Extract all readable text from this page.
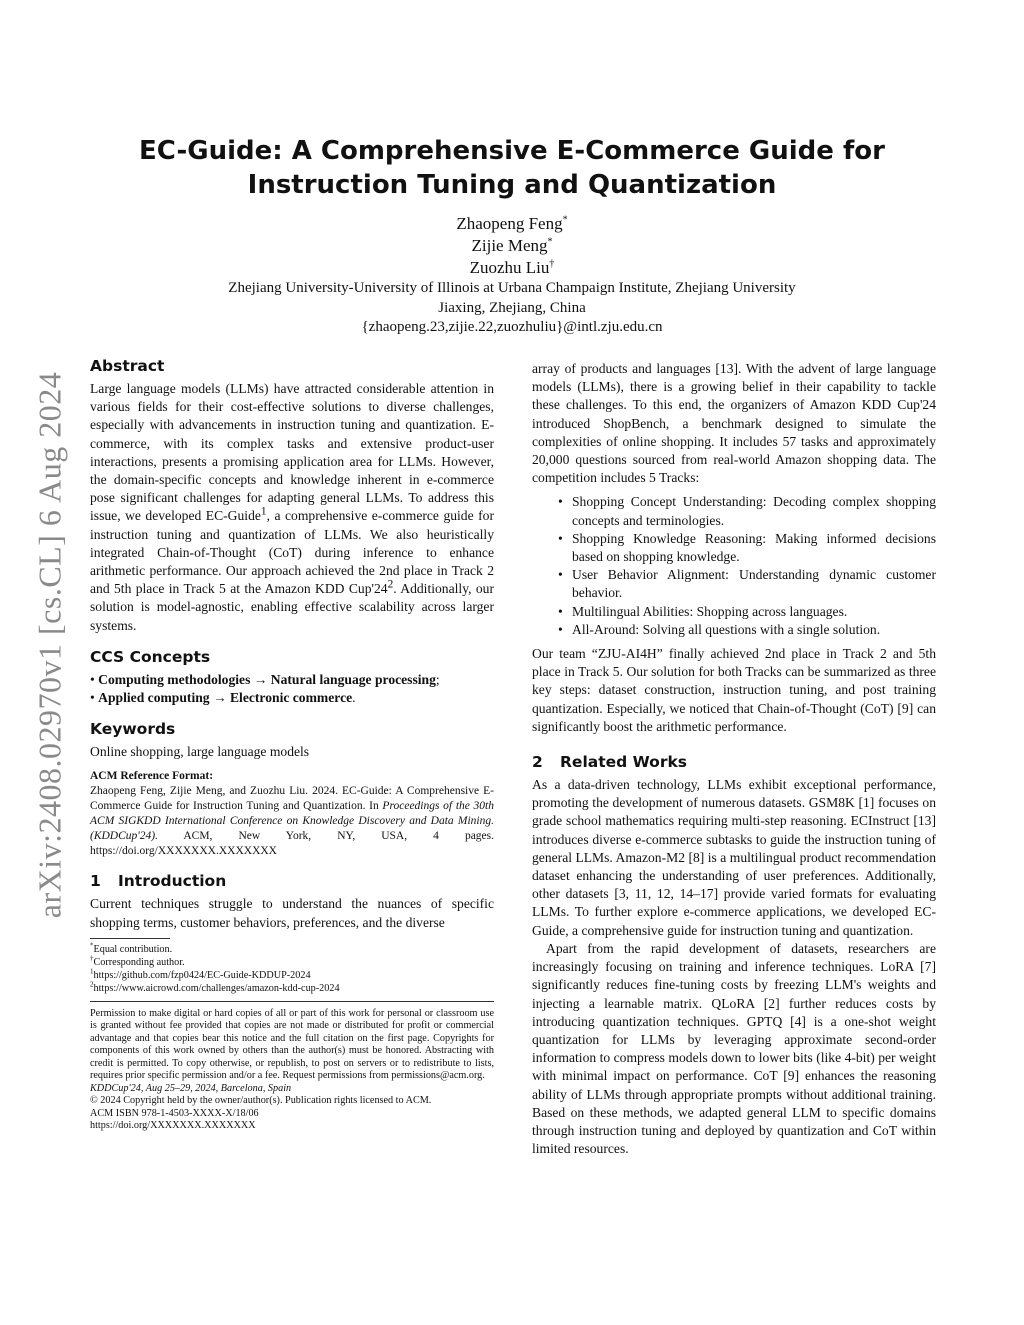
arXiv:2408.02970v1 [cs.CL] 6 Aug 2024
EC-Guide: A Comprehensive E-Commerce Guide for Instruction Tuning and Quantization
Zhaopeng Feng*
Zijie Meng*
Zuozhu Liu†
Zhejiang University-University of Illinois at Urbana Champaign Institute, Zhejiang University
Jiaxing, Zhejiang, China
{zhaopeng.23,zijie.22,zuozhuliu}@intl.zju.edu.cn
Abstract

Large language models (LLMs) have attracted considerable attention in various fields for their cost-effective solutions to diverse challenges, especially with advancements in instruction tuning and quantization. E-commerce, with its complex tasks and extensive product-user interactions, presents a promising application area for LLMs. However, the domain-specific concepts and knowledge inherent in e-commerce pose significant challenges for adapting general LLMs. To address this issue, we developed EC-Guide$^1$, a comprehensive e-commerce guide for instruction tuning and quantization of LLMs. We also heuristically integrated Chain-of-Thought (CoT) during inference to enhance arithmetic performance. Our approach achieved the 2nd place in Track 2 and 5th place in Track 5 at the Amazon KDD $Cup'24^2$. Additionally, our solution is model-agnostic, enabling effective scalability across larger systems.

CCS Concepts
• Computing methodologies → Natural language processing;
• Applied computing → Electronic commerce.
Keywords

Online shopping, large language models

ACM Reference Format:

Zhaopeng Feng, Zijie Meng, and Zuozhu Liu. 2024. EC-Guide: A Comprehensive E-Commerce Guide for Instruction Tuning and Quantization. In Proceedings of the 30th ACM SIGKDD International Conference on Knowledge Discovery and Data Mining. (KDDCup'24). ACM, New York, NY, USA, 4 pages. https://doi.org/XXXXXXX.XXXXXXX

1 Introduction

Current techniques struggle to understand the nuances of specific shopping terms, customer behaviors, preferences, and the diverse

*Equal contribution.
†Corresponding author.
$^1$https://github.com/fzp0424/EC-Guide-KDDUP-2024
$^2$https://www.aicrowd.com/challenges/amazon-kdd-cup-2024

Permission to make digital or hard copies of all or part of this work for personal or classroom use is granted without fee provided that copies are not made or distributed for profit or commercial advantage and that copies bear this notice and the full citation on the first page. Copyrights for components of this work owned by others than the author(s) must be honored. Abstracting with credit is permitted. To copy otherwise, or republish, to post on servers or to redistribute to lists, requires prior specific permission and/or a fee. Request permissions from permissions@acm.org.

KDDCup'24, Aug 25–29, 2024, Barcelona, Spain
© 2024 Copyright held by the owner/author(s). Publication rights licensed to ACM.
ACM ISBN 978-1-4503-XXXX-X/18/06
https://doi.org/XXXXXXX.XXXXXXX

array of products and languages [13]. With the advent of large language models (LLMs), there is a growing belief in their capability to tackle these challenges. To this end, the organizers of Amazon KDD Cup'24 introduced ShopBench, a benchmark designed to simulate the complexities of online shopping. It includes 57 tasks and approximately 20,000 questions sourced from real-world Amazon shopping data. The competition includes 5 Tracks:

• Shopping Concept Understanding: Decoding complex shopping concepts and terminologies.
• Shopping Knowledge Reasoning: Making informed decisions based on shopping knowledge.
• User Behavior Alignment: Understanding dynamic customer behavior.
• Multilingual Abilities: Shopping across languages.
• All-Around: Solving all questions with a single solution.

Our team “ZJU-AI4H” finally achieved 2nd place in Track 2 and 5th place in Track 5. Our solution for both Tracks can be summarized as three key steps: dataset construction, instruction tuning, and post training quantization. Especially, we noticed that Chain-of-Thought (CoT) [9] can significantly boost the arithmetic performance.

2 Related Works

As a data-driven technology, LLMs exhibit exceptional performance, promoting the development of numerous datasets. GSM8K [1] focuses on grade school mathematics requiring multi-step reasoning. ECInstruct [13] introduces diverse e-commerce subtasks to guide the instruction tuning of general LLMs. Amazon-M2 [8] is a multilingual product recommendation dataset enhancing the understanding of user preferences. Additionally, other datasets [3, 11, 12, 14–17] provide varied formats for evaluating LLMs. To further explore e-commerce applications, we developed EC-Guide, a comprehensive guide for instruction tuning and quantization.

Apart from the rapid development of datasets, researchers are increasingly focusing on training and inference techniques. LoRA [7] significantly reduces fine-tuning costs by freezing LLM's weights and injecting a learnable matrix. QLoRA [2] further reduces costs by introducing quantization techniques. GPTQ [4] is a one-shot weight quantization for LLMs by leveraging approximate second-order information to compress models down to lower bits (like 4-bit) per weight with minimal impact on performance. CoT [9] enhances the reasoning ability of LLMs through appropriate prompts without additional training. Based on these methods, we adapted general LLM to specific domains through instruction tuning and deployed by quantization and CoT within limited resources.
